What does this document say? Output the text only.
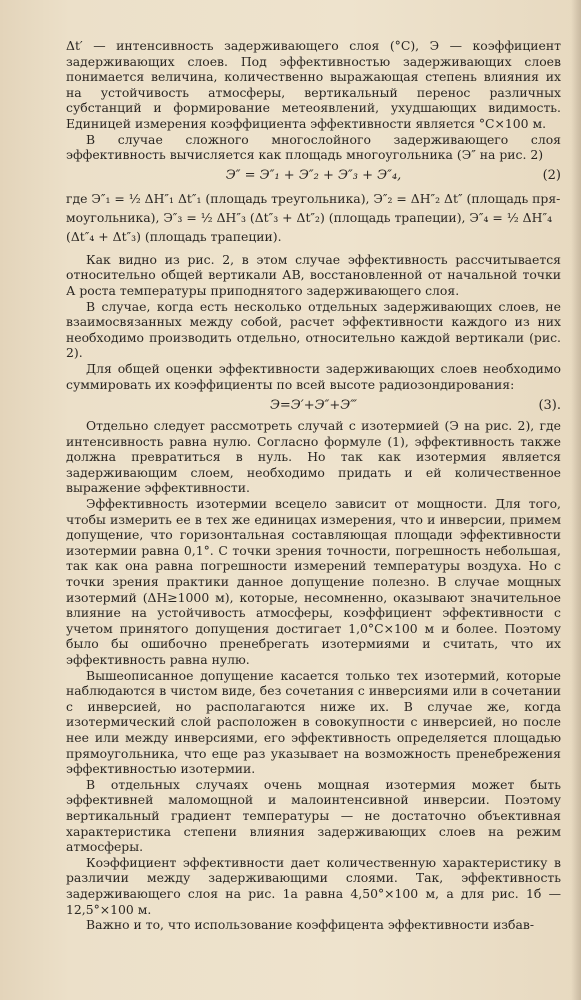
Δt′ — интенсивность задерживающего слоя (°С), Э — коэффициент задерживающих слоев. Под эффективностью задерживающих слоев понимается величина, количественно выражающая степень влияния их на устойчивость атмосферы, вертикальный перенос различных субстанций и формирование метеоявлений, ухудшающих видимость. Единицей измерения коэффициента эффективности является °С×100 м.

В случае сложного многослойного задерживающего слоя эффективность вычисляется как площадь многоугольника (Э″ на рис. 2)

Э″ = Э″₁ + Э″₂ + Э″₃ + Э″₄,	(2)

где Э″₁ = ½ ΔH″₁ Δt″₁ (площадь треугольника), Э″₂ = ΔH″₂ Δt″ (площадь пря-

моугольника), Э″₃ = ½ ΔH″₃ (Δt″₃ + Δt″₂) (площадь трапеции), Э″₄ = ½ ΔH″₄

(Δt″₄ + Δt″₃) (площадь трапеции).

Как видно из рис. 2, в этом случае эффективность рассчитывается относительно общей вертикали АВ, восстановленной от начальной точки А роста температуры приподнятого задерживающего слоя.

В случае, когда есть несколько отдельных задерживающих слоев, не взаимосвязанных между собой, расчет эффективности каждого из них необходимо производить отдельно, относительно каждой вертикали (рис. 2).

Для общей оценки эффективности задерживающих слоев необходимо суммировать их коэффициенты по всей высоте радиозондирования:

Э=Э′+Э″+Э‴	(3).

Отдельно следует рассмотреть случай с изотермией (Э на рис. 2), где интенсивность равна нулю. Согласно формуле (1), эффективность также должна превратиться в нуль. Но так как изотермия является задерживающим слоем, необходимо придать и ей количественное выражение эффективности.

Эффективность изотермии всецело зависит от мощности. Для того, чтобы измерить ее в тех же единицах измерения, что и инверсии, примем допущение, что горизонтальная составляющая площади эффективности изотермии равна 0,1°. С точки зрения точности, погрешность небольшая, так как она равна погрешности измерений температуры воздуха. Но с точки зрения практики данное допущение полезно. В случае мощных изотермий (ΔH≥1000 м), которые, несомненно, оказывают значительное влияние на устойчивость атмосферы, коэффициент эффективности с учетом принятого допущения достигает 1,0°С×100 м и более. Поэтому было бы ошибочно пренебрегать изотермиями и считать, что их эффективность равна нулю.

Вышеописанное допущение касается только тех изотермий, которые наблюдаются в чистом виде, без сочетания с инверсиями или в сочетании с инверсией, но располагаются ниже их. В случае же, когда изотермический слой расположен в совокупности с инверсией, но после нее или между инверсиями, его эффективность определяется площадью прямоугольника, что еще раз указывает на возможность пренебрежения эффективностью изотермии.

В отдельных случаях очень мощная изотермия может быть эффективней маломощной и малоинтенсивной инверсии. Поэтому вертикальный градиент температуры — не достаточно объективная характеристика степени влияния задерживающих слоев на режим атмосферы.

Коэффициент эффективности дает количественную характеристику в различии между задерживающими слоями. Так, эффективность задерживающего слоя на рис. 1а равна 4,50°×100 м, а для рис. 1б — 12,5°×100 м.

Важно и то, что использование коэффицента эффективности избав-
